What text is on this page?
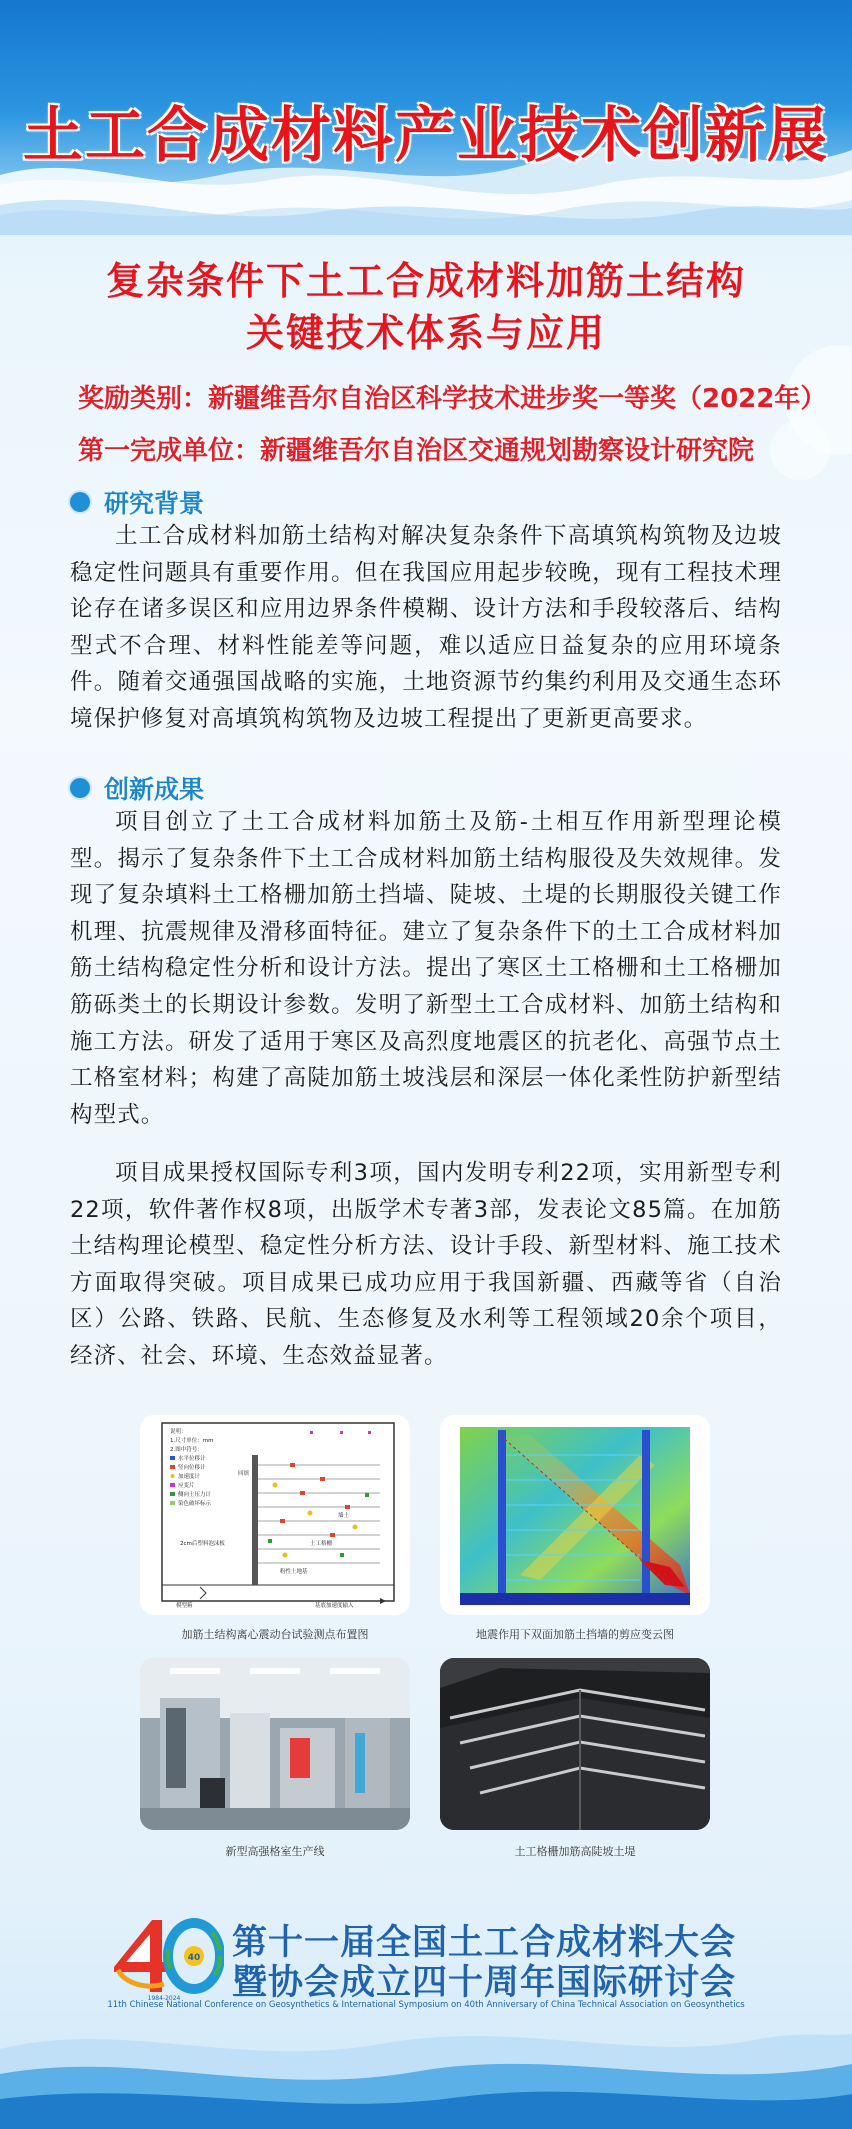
土工合成材料产业技术创新展
复杂条件下土工合成材料加筋土结构
关键技术体系与应用
奖励类别：新疆维吾尔自治区科学技术进步奖一等奖（2022年）
第一完成单位：新疆维吾尔自治区交通规划勘察设计研究院
研究背景

土工合成材料加筋土结构对解决复杂条件下高填筑构筑物及边坡稳定性问题具有重要作用。但在我国应用起步较晚，现有工程技术理论存在诸多误区和应用边界条件模糊、设计方法和手段较落后、结构型式不合理、材料性能差等问题，难以适应日益复杂的应用环境条件。随着交通强国战略的实施，土地资源节约集约利用及交通生态环境保护修复对高填筑构筑物及边坡工程提出了更新更高要求。

创新成果

项目创立了土工合成材料加筋土及筋-土相互作用新型理论模型。揭示了复杂条件下土工合成材料加筋土结构服役及失效规律。发现了复杂填料土工格栅加筋土挡墙、陡坡、土堤的长期服役关键工作机理、抗震规律及滑移面特征。建立了复杂条件下的土工合成材料加筋土结构稳定性分析和设计方法。提出了寒区土工格栅和土工格栅加筋砾类土的长期设计参数。发明了新型土工合成材料、加筋土结构和施工方法。研发了适用于寒区及高烈度地震区的抗老化、高强节点土工格室材料；构建了高陡加筋土坡浅层和深层一体化柔性防护新型结构型式。

项目成果授权国际专利3项，国内发明专利22项，实用新型专利22项，软件著作权8项，出版学术专著3部，发表论文85篇。在加筋土结构理论模型、稳定性分析方法、设计手段、新型材料、施工技术方面取得突破。项目成果已成功应用于我国新疆、西藏等省（自治区）公路、铁路、民航、生态修复及水利等工程领域20余个项目，经济、社会、环境、生态效益显著。

说明：
1.尺寸单位：mm
2.图中符号：
水平位移计
竖向位移计
加速度计
应变片
侧向土压力计
染色破坏标示
回填
墙土
土工格栅
粉性土地基
模型箱	基底加速度输入
2cm后塑料泡沫板
加筋土结构离心震动台试验测点布置图	地震作用下双面加筋土挡墙的剪应变云图
新型高强格室生产线	土工格栅加筋高陡坡土堤
40
1984-2024
第十一届全国土工合成材料大会
暨协会成立四十周年国际研讨会
11th Chinese National Conference on Geosynthetics & International Symposium on 40th Anniversary of China Technical Association on Geosynthetics
